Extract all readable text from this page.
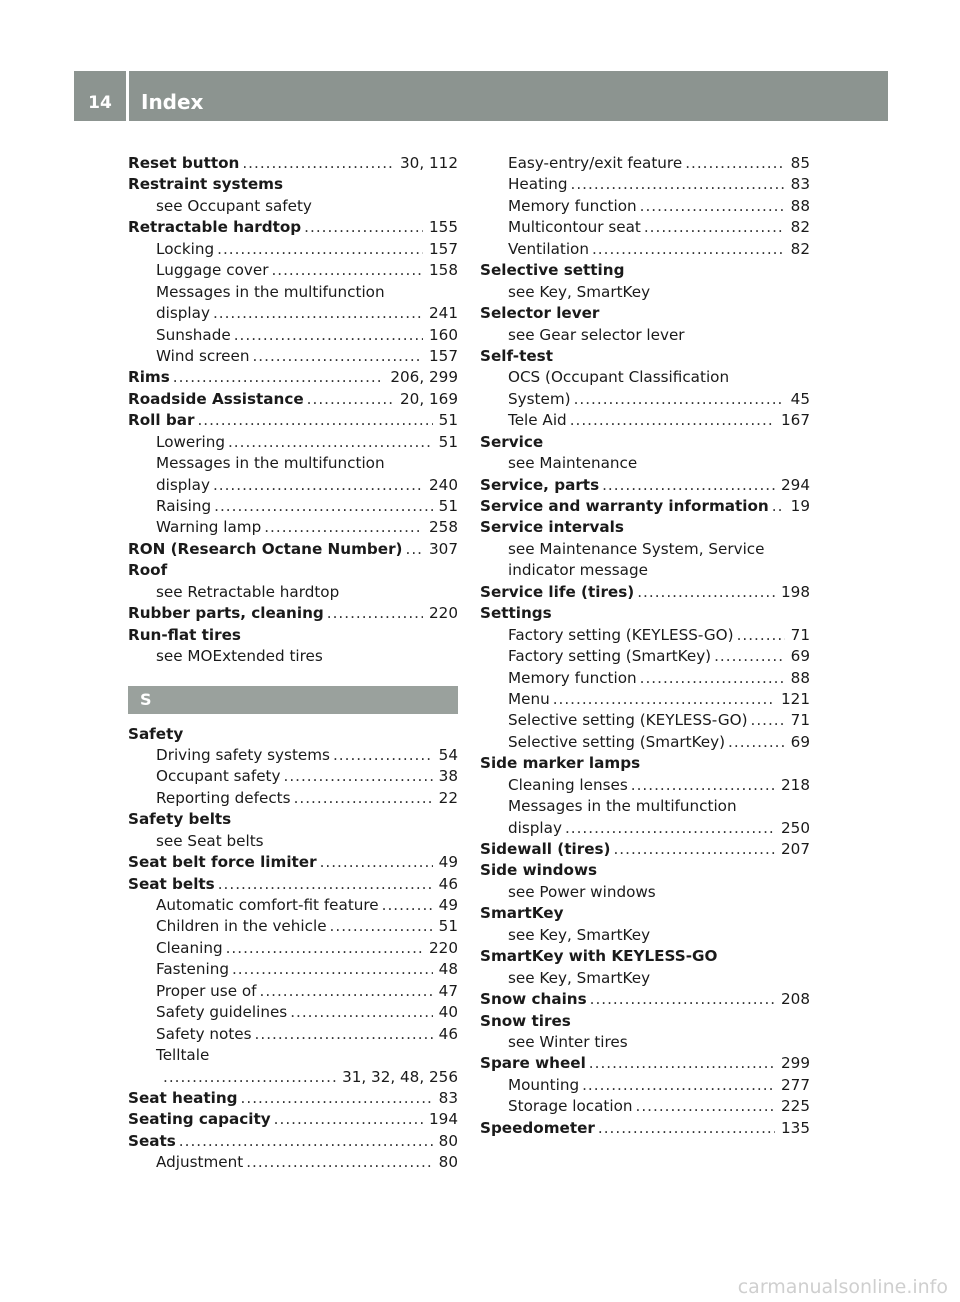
14	Index
Reset button .....	30, 112
Restraint systems
see Occupant safety
Retractable hardtop .....	155
Locking .....	157
Luggage cover .....	158
Messages in the multifunction
display .....	241
Sunshade .....	160
Wind screen .....	157
Rims .....	206, 299
Roadside Assistance .....	20, 169
Roll bar .....	51
Lowering .....	51
Messages in the multifunction
display .....	240
Raising .....	51
Warning lamp .....	258
RON (Research Octane Number) ..... 307
Roof
see Retractable hardtop
Rubber parts, cleaning .....	220
Run-flat tires
see MOExtended tires
S
Safety
Driving safety systems .....	54
Occupant safety .....	38
Reporting defects .....	22
Safety belts
see Seat belts
Seat belt force limiter .....	49
Seat belts .....	46
Automatic comfort-fit feature .....	49
Children in the vehicle .....	51
Cleaning .....	220
Fastening .....	48
Proper use of .....	47
Safety guidelines .....	40
Safety notes .....	46
Telltale
.....
31, 32, 48, 256
Seat heating .....	83
Seating capacity .....	194
Seats .....	80
Adjustment .....	80
Easy-entry/exit feature .....	85
Heating .....	83
Memory function .....	88
Multicontour seat .....	82
Ventilation .....	82
Selective setting
see Key, SmartKey
Selector lever
see Gear selector lever
Self-test
OCS (Occupant Classification
System) .....	45
Tele Aid .....	167
Service
see Maintenance
Service, parts .....	294
Service and warranty information ..... 19
Service intervals
see Maintenance System, Service
indicator message
Service life (tires) .....	198
Settings
Factory setting (KEYLESS-GO) .....	71
Factory setting (SmartKey) .....	69
Memory function .....	88
Menu .....	121
Selective setting (KEYLESS-GO) .....	71
Selective setting (SmartKey) .....	69
Side marker lamps
Cleaning lenses .....	218
Messages in the multifunction
display .....	250
Sidewall (tires) .....	207
Side windows
see Power windows
SmartKey
see Key, SmartKey
SmartKey with KEYLESS-GO
see Key, SmartKey
Snow chains .....	208
Snow tires
see Winter tires
Spare wheel .....	299
Mounting .....	277
Storage location .....	225
Speedometer .....	135
carmanualsonline.info
